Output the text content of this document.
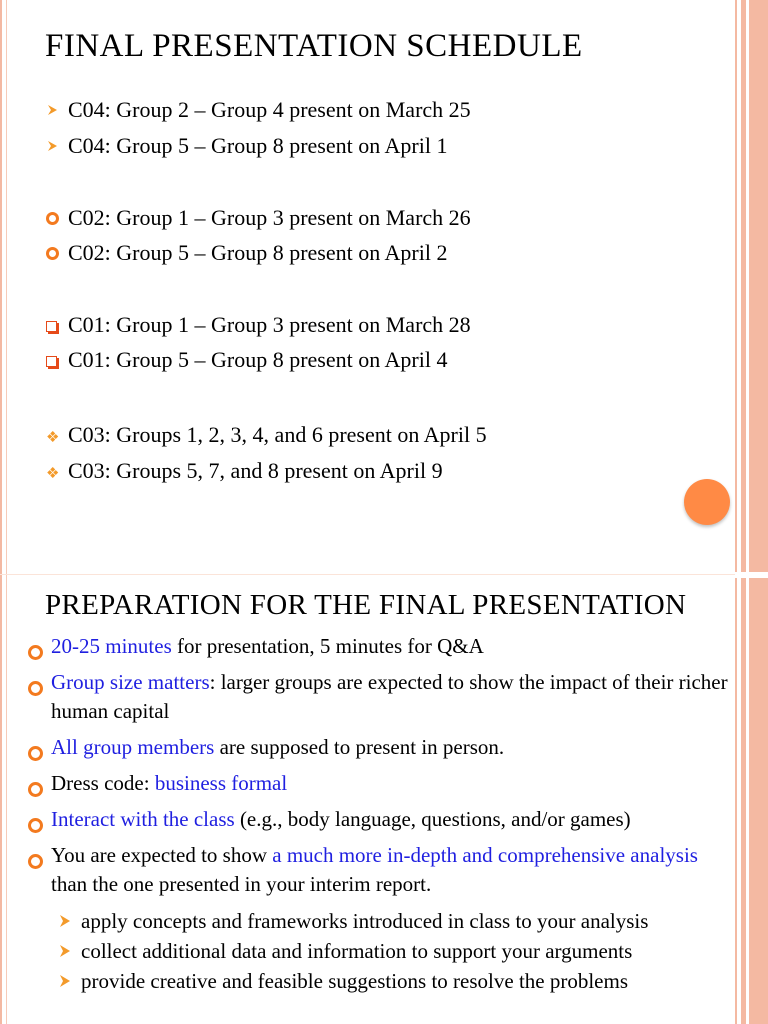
FINAL PRESENTATION SCHEDULE
C04: Group 2 – Group 4 present on March 25
C04: Group 5 – Group 8 present on April 1
C02: Group 1 – Group 3 present on March 26
C02: Group 5 – Group 8 present on April 2
C01: Group 1 – Group 3 present on March 28
C01: Group 5 – Group 8 present on April 4
❖ C03: Groups 1, 2, 3, 4, and 6 present on April 5
❖ C03: Groups 5, 7, and 8 present on April 9
PREPARATION FOR THE FINAL PRESENTATION
20-25 minutes for presentation, 5 minutes for Q&A
Group size matters: larger groups are expected to show the impact of their richer human capital
All group members are supposed to present in person.
Dress code: business formal
Interact with the class (e.g., body language, questions, and/or games)
You are expected to show a much more in-depth and comprehensive analysis than the one presented in your interim report.
apply concepts and frameworks introduced in class to your analysis
collect additional data and information to support your arguments
provide creative and feasible suggestions to resolve the problems
